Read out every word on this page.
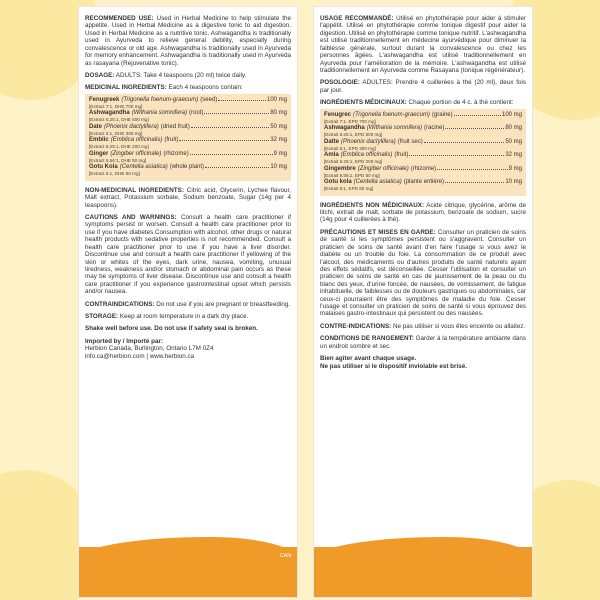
RECOMMENDED USE: Used in Herbal Medicine to help stimulate the appetite. Used in Herbal Medicine as a digestive tonic to aid digestion. Used in Herbal Medicine as a nutritive tonic. Ashwagandha is traditionally used in Ayurveda to relieve general debility, especially during convalescence or old age. Ashwagandha is traditionally used in Ayurveda for memory enhancement. Ashwagandha is traditionally used in Ayurveda as rasayana (Rejuvenative tonic).
DOSAGE: ADULTS: Take 4 teaspoons (20 ml) twice daily.
MEDICINAL INGREDIENTS: Each 4 teaspoons contain:
Fenugreek (Trigonella foenum-graecum) (seed)	100 mg
[Extract 7:1, DHE 700 mg]
Ashwagandha (Withania somnifera) (root)	80 mg
[Extract 6.25:1, DHE 500 mg]
Date (Phoenix dactylifera) (dried fruit)	50 mg
[Extract 6:1, DHE 300 mg]
Emblic (Emblica officinalis) (fruit)	32 mg
[Extract 6.25:1, DHE 200 mg]
Ginger (Zingiber officinale) (rhizome)	9 mg
[Extract 5.56:1, DHE 50 mg]
Gotu Kola (Centella asiatica) (whole plant)	10 mg
[Extract 6:1, DHE 60 mg]
NON-MEDICINAL INGREDIENTS: Citric acid, Glycerin, Lychee flavour, Malt extract, Potassium sorbate, Sodium benzoate, Sugar (14g per 4 teaspoons).
CAUTIONS AND WARNINGS: Consult a health care practitioner if symptoms persist or worsen. Consult a health care practitioner prior to use if you have diabetes.Consumption with alcohol, other drugs or natural health products with sedative properties is not recommended. Consult a health care practitioner prior to use if you have a liver disorder. Discontinue use and consult a health care practitioner if yellowing of the skin or whites of the eyes, dark urine, nausea, vomiting, unusual tiredness, weakness and/or stomach or abdominal pain occurs as these may be symptoms of liver disease. Discontinue use and consult a health care practitioner if you experience gastrointestinal upset which persists and/or nausea.
CONTRAINDICATIONS: Do not use if you are pregnant or breastfeeding.
STORAGE: Keep at room temperature in a dark dry place.
Shake well before use. Do not use if safety seal is broken.
Imported by / Importé par:
Herbion Canada, Burlington, Ontario L7M 0Z4
info.ca@herbion.com | www.herbion.ca
CAN
USAGE RECOMMANDÉ: Utilisé en phytothérapie pour aider à stimuler l'appétit. Utilisé en phytothérapie comme tonique digestif pour aider la digestion. Utilisé en phytothérapie comme tonique nutritif. L'ashwagandha est utilisé traditionnellement en médecine ayurvédique pour diminuer la faiblesse générale, surtout durant la convalescence ou chez les personnes âgées. L'ashwagandha est utilisé traditionnellement en Ayurveda pour l'amélioration de la mémoire. L'ashwagandha est utilisé traditionnellement en Ayurveda comme Rasayana (tonique régénérateur).
POSOLOGIE: ADULTES: Prendre 4 cuillerées à thé (20 ml), deux fois par jour.
INGRÉDIENTS MÉDICINAUX: Chaque portion de 4 c. à thé contient:
Fenugrec (Trigonella foenum-graecum) (graine)	100 mg
[Extrait 7:1, EPD 700 mg]
Ashwagandha (Withania somnifera) (racine)	80 mg
[Extrait 6.25:1, EPD 500 mg]
Datte (Phoenix dactylifera) (fruit sec)	50 mg
[Extrait 6:1, EPD 300 mg]
Amla (Emblica officinalis) (fruit)	32 mg
[Extrait 6.25:1, EPD 200 mg]
Gingembre (Zingiber officinale) (rhizome)	9 mg
[Extrait 5.56:1, EPD 50 mg]
Gotu kola (Centella asiatica) (plante entière)	10 mg
[Extrait 6:1, EPD 60 mg]
INGRÉDIENTS NON MÉDICINAUX: Acide citrique, glycérine, arôme de litchi, extrait de malt, sorbate de potassium, benzoate de sodium, sucre (14g pour 4 cuillerées à thé).
PRÉCAUTIONS ET MISES EN GARDE: Consulter un praticien de soins de santé si les symptômes persistent ou s'aggravent. Consulter un praticien de soins de santé avant d'en faire l'usage si vous avez le diabète ou un trouble du foie. La consommation de ce produit avec l'alcool, des médicaments ou d'autres produits de santé naturels ayant des effets sédatifs, est déconseillée. Cesser l'utilisation et consulter un praticien de soins de santé en cas de jaunissement de la peau ou du blanc des yeux, d'urine foncée, de nausées, de vomissement, de fatigue inhabituelle, de faiblesses ou de douleurs gastriques ou abdominales, car ceux-ci pourraient être des symptômes de maladie du foie. Cesser l'usage et consulter un praticien de soins de santé si vous éprouvez des malaises gastro-intestinaux qui persistent ou des nausées.
CONTRE-INDICATIONS: Ne pas utiliser si vous êtes enceinte ou allaitez.
CONDITIONS DE RANGEMENT: Garder à la température ambiante dans un endroit sombre et sec.
Bien agiter avant chaque usage.
Ne pas utiliser si le dispositif inviolable est brisé.
